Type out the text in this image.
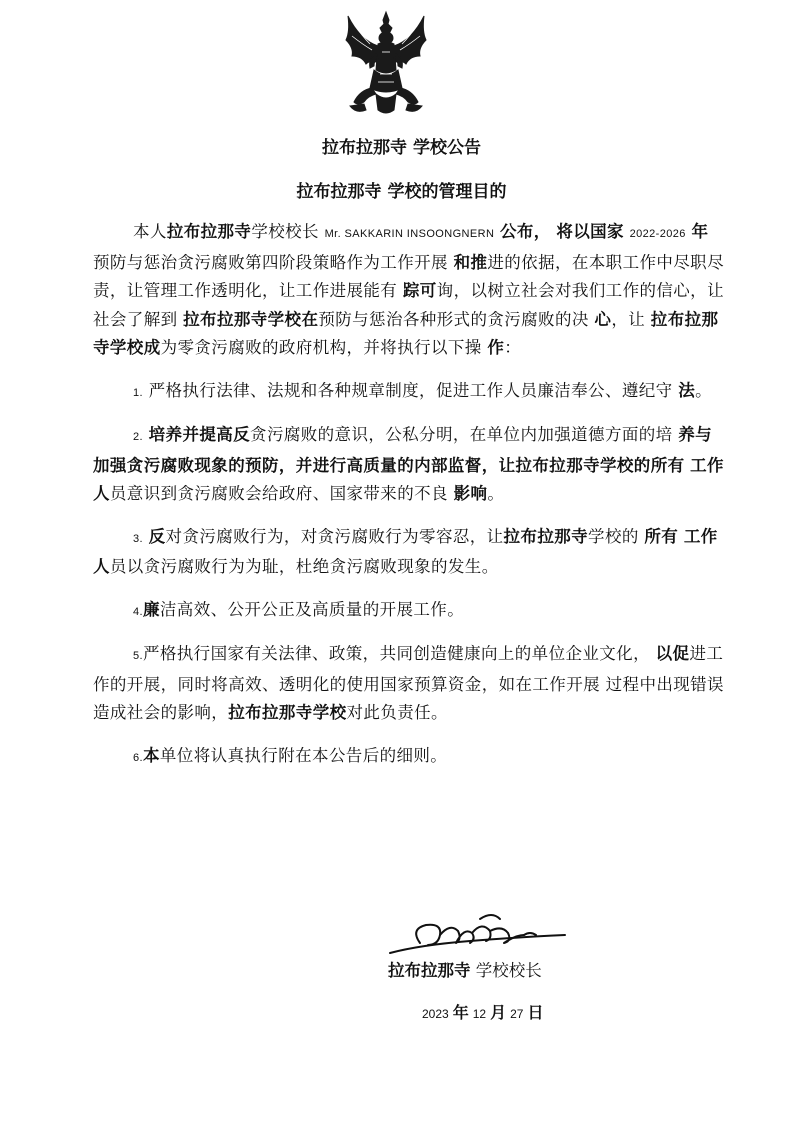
拉布拉那寺 学校公告
拉布拉那寺 学校的管理目的

本人拉布拉那寺学校校长 Mr. SAKKARIN INSOONGNERN 公布， 将以国家 2022-2026 年预防与惩治贪污腐败第四阶段策略作为工作开展 和推进的依据，在本职工作中尽职尽责，让管理工作透明化，让工作进展能有 踪可询，以树立社会对我们工作的信心，让社会了解到 拉布拉那寺学校在预防与惩治各种形式的贪污腐败的决 心，让 拉布拉那寺学校成为零贪污腐败的政府机构，并将执行以下操 作：

1. 严格执行法律、法规和各种规章制度，促进工作人员廉洁奉公、遵纪守 法。

2. 培养并提高反贪污腐败的意识，公私分明，在单位内加强道德方面的培 养与 加强贪污腐败现象的预防，并进行高质量的内部监督，让拉布拉那寺学校的所有 工作人员意识到贪污腐败会给政府、国家带来的不良 影响。

3. 反对贪污腐败行为，对贪污腐败行为零容忍，让拉布拉那寺学校的 所有 工作人员以贪污腐败行为为耻，杜绝贪污腐败现象的发生。

4.廉洁高效、公开公正及高质量的开展工作。

5.严格执行国家有关法律、政策，共同创造健康向上的单位企业文化， 以促进工作的开展，同时将高效、透明化的使用国家预算资金，如在工作开展 过程中出现错误造成社会的影响，拉布拉那寺学校对此负责任。

6.本单位将认真执行附在本公告后的细则。

拉布拉那寺 学校校长
2023 年 12 月 27 日
